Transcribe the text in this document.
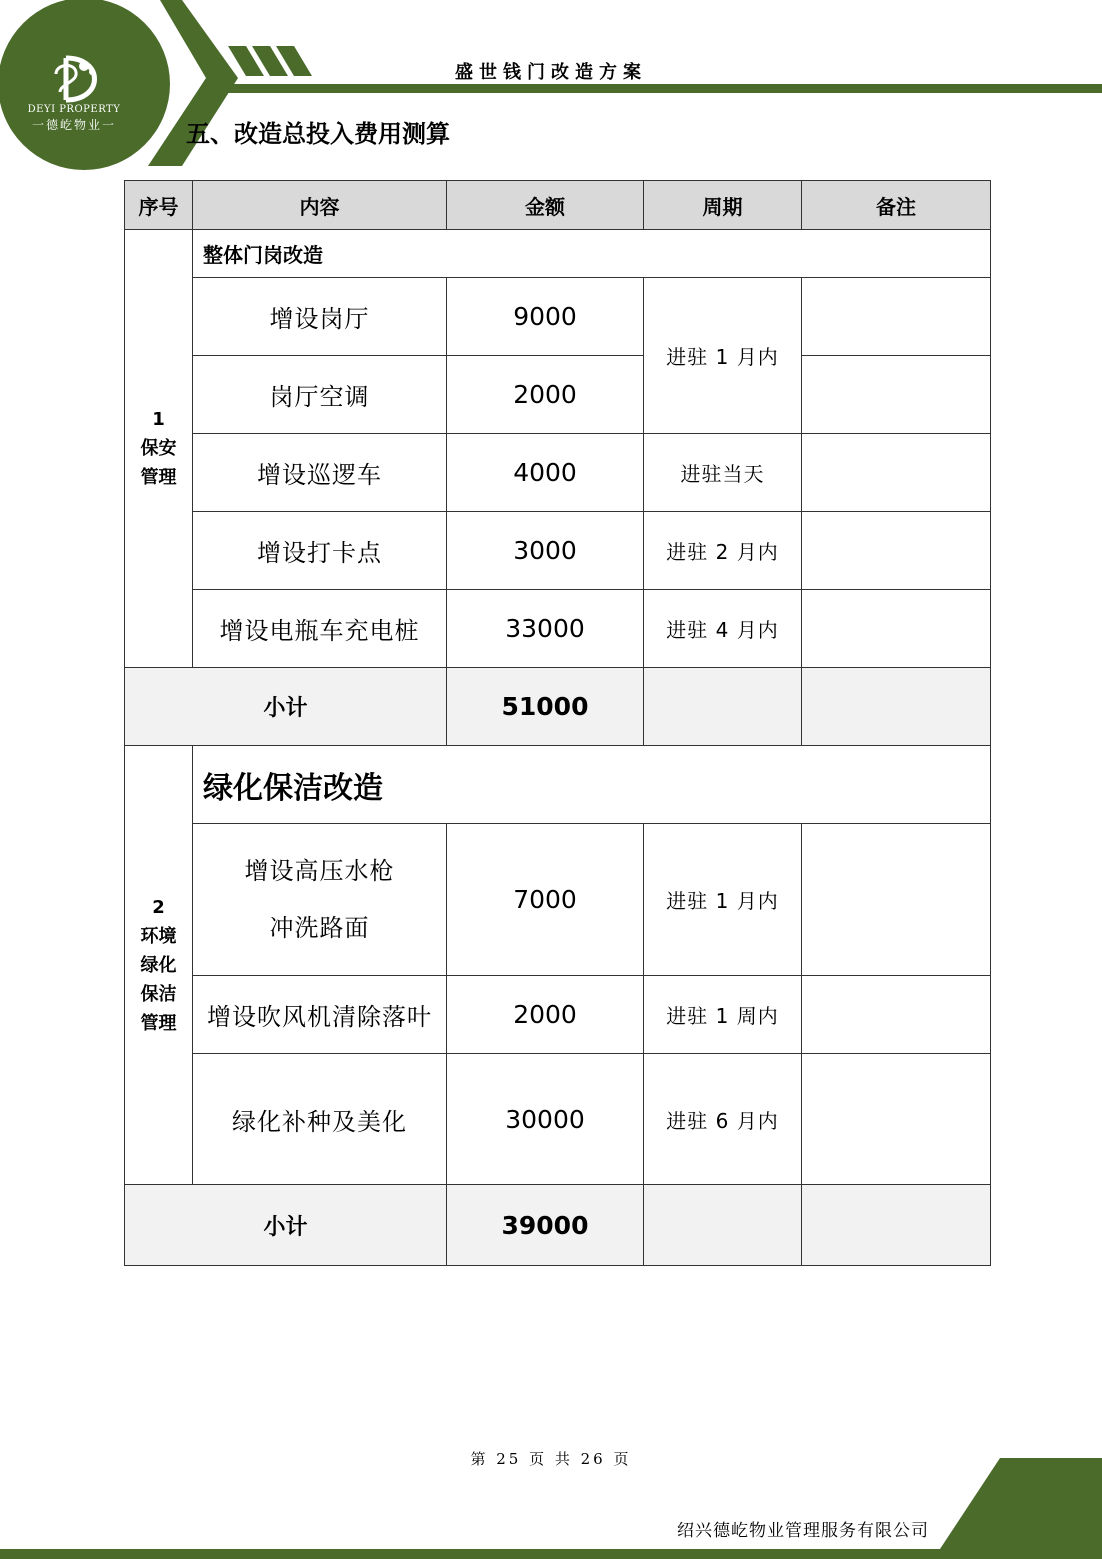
DEYI PROPERTY
一德屹物业一
盛世钱门改造方案
五、改造总投入费用测算
序号	内容	金额	周期	备注

1
保安
管理	整体门岗改造			
	增设岗厅	9000	进驻 1 月内	
	岗厅空调	2000		
	增设巡逻车	4000	进驻当天	
	增设打卡点	3000	进驻 2 月内	
	增设电瓶车充电桩	33000	进驻 4 月内	
小计		51000		

2
环境
绿化
保洁
管理	绿化保洁改造			

	增设高压水枪
冲洗路面	7000	进驻 1 月内	
	增设吹风机清除落叶	2000	进驻 1 周内	
	绿化补种及美化	30000	进驻 6 月内	
小计		39000		
第 25 页 共 26 页
绍兴德屹物业管理服务有限公司
